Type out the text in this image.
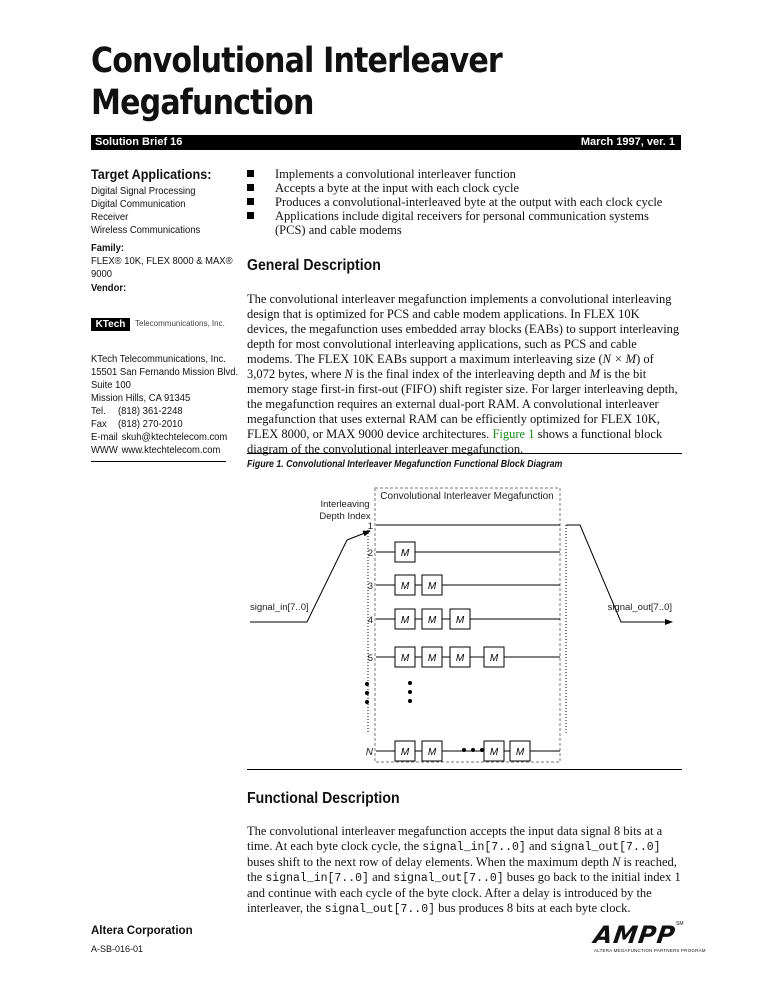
Convolutional Interleaver
Megafunction
Solution Brief 16	March 1997, ver. 1
Target Applications:
Digital Signal Processing
Digital Communication Receiver
Wireless Communications
Family:
FLEX® 10K, FLEX 8000 & MAX® 9000
Vendor:
KTech	Telecommunications, Inc.
KTech Telecommunications, Inc.
15501 San Fernando Mission Blvd.
Suite 100
Mission Hills, CA 91345
Tel. (818) 361-2248
Fax (818) 270-2010
E-mail skuh@ktechtelecom.com
WWW www.ktechtelecom.com
Implements a convolutional interleaver function
Accepts a byte at the input with each clock cycle
Produces a convolutional-interleaved byte at the output with each clock cycle
Applications include digital receivers for personal communication systems (PCS) and cable modems
General Description
The convolutional interleaver megafunction implements a convolutional interleaving design that is optimized for PCS and cable modem applications. In FLEX 10K devices, the megafunction uses embedded array blocks (EABs) to support interleaving depth for most convolutional interleaving applications, such as PCS and cable modems. The FLEX 10K EABs support a maximum interleaving size (N × M) of 3,072 bytes, where N is the final index of the interleaving depth and M is the bit memory stage first-in first-out (FIFO) shift register size. For larger interleaving depth, the megafunction requires an external dual-port RAM. A convolutional interleaver megafunction that uses external RAM can be efficiently optimized for FLEX 10K, FLEX 8000, or MAX 9000 device architectures. Figure 1 shows a functional block diagram of the convolutional interleaver megafunction.
Figure 1. Convolutional Interleaver Megafunction Functional Block Diagram
Convolutional Interleaver Megafunction
Interleaving
Depth Index
signal_in[7..0]	signal_out[7..0]
M
M M
M M M
M M M	M
M M	M M
1
2
3
4
5
N
Functional Description
The convolutional interleaver megafunction accepts the input data signal 8 bits at a time. At each byte clock cycle, the signal_in[7..0] and signal_out[7..0] buses shift to the next row of delay elements. When the maximum depth N is reached, the signal_in[7..0] and signal_out[7..0] buses go back to the initial index 1 and continue with each cycle of the byte clock. After a delay is introduced by the interleaver, the signal_out[7..0] bus produces 8 bits at each byte clock.
Altera Corporation
A-SB-016-01	AMPP
ALTERA MEGAFUNCTION PARTNERS PROGRAM
SM
